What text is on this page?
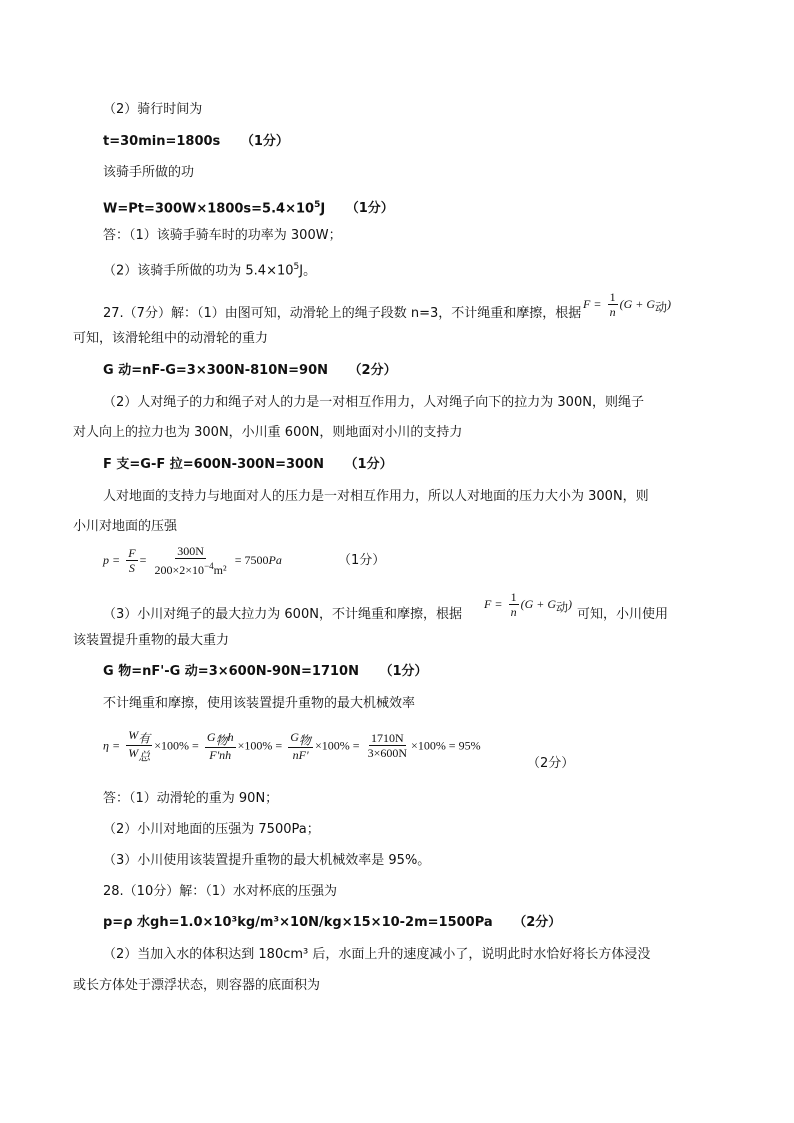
（2）骑行时间为
t=30min=1800s （1分）
该骑手所做的功
$W=Pt=300W\times 1800s=5.4\times 10^5J$ （1分）
答：（1）该骑手骑车时的功率为 300W；
（2）该骑手所做的功为 $5.4\times 10^5J$。
27.（7分）解：（1）由图可知，动滑轮上的绳子段数 n=3，不计绳重和摩擦，根据
$F = \frac{1}{n} (G + G_动)$
可知，该滑轮组中的动滑轮的重力
G 动=nF-G=3×300N-810N=90N （2分）
（2）人对绳子的力和绳子对人的力是一对相互作用力，人对绳子向下的拉力为 300N，则绳子
对人向上的拉力也为 300N，小川重 600N，则地面对小川的支持力
F 支=G-F 拉=600N-300N=300N （1分）
人对地面的支持力与地面对人的压力是一对相互作用力，所以人对地面的压力大小为 300N，则
小川对地面的压强
$p = \frac{F}{S} = \frac{300N}{200\times 2\times 10^{-4}m^2} = 7500Pa$	（1分）
（3）小川对绳子的最大拉力为 600N，不计绳重和摩擦，根据
$F = \frac{1}{n} (G + G_动)$
可知，小川使用
该装置提升重物的最大重力
G 物=nF'-G 动=3×600N-90N=1710N （1分）
不计绳重和摩擦，使用该装置提升重物的最大机械效率
$\eta = \frac{W_有}{W_总} \times 100\% = \frac{G_物h}{F'nh} \times 100\% = \frac{G_物}{nF'} \times 100\% = \frac{1710N}{3\times 600N} \times 100\% = 95\%$
（2分）
答：（1）动滑轮的重为 90N；
（2）小川对地面的压强为 7500Pa；
（3）小川使用该装置提升重物的最大机械效率是 95%。
28.（10分）解：（1）水对杯底的压强为
p=ρ 水gh=1.0×10³kg/m³×10N/kg×15×10-2m=1500Pa （2分）
（2）当加入水的体积达到 180cm³ 后，水面上升的速度减小了，说明此时水恰好将长方体浸没
或长方体处于漂浮状态，则容器的底面积为
